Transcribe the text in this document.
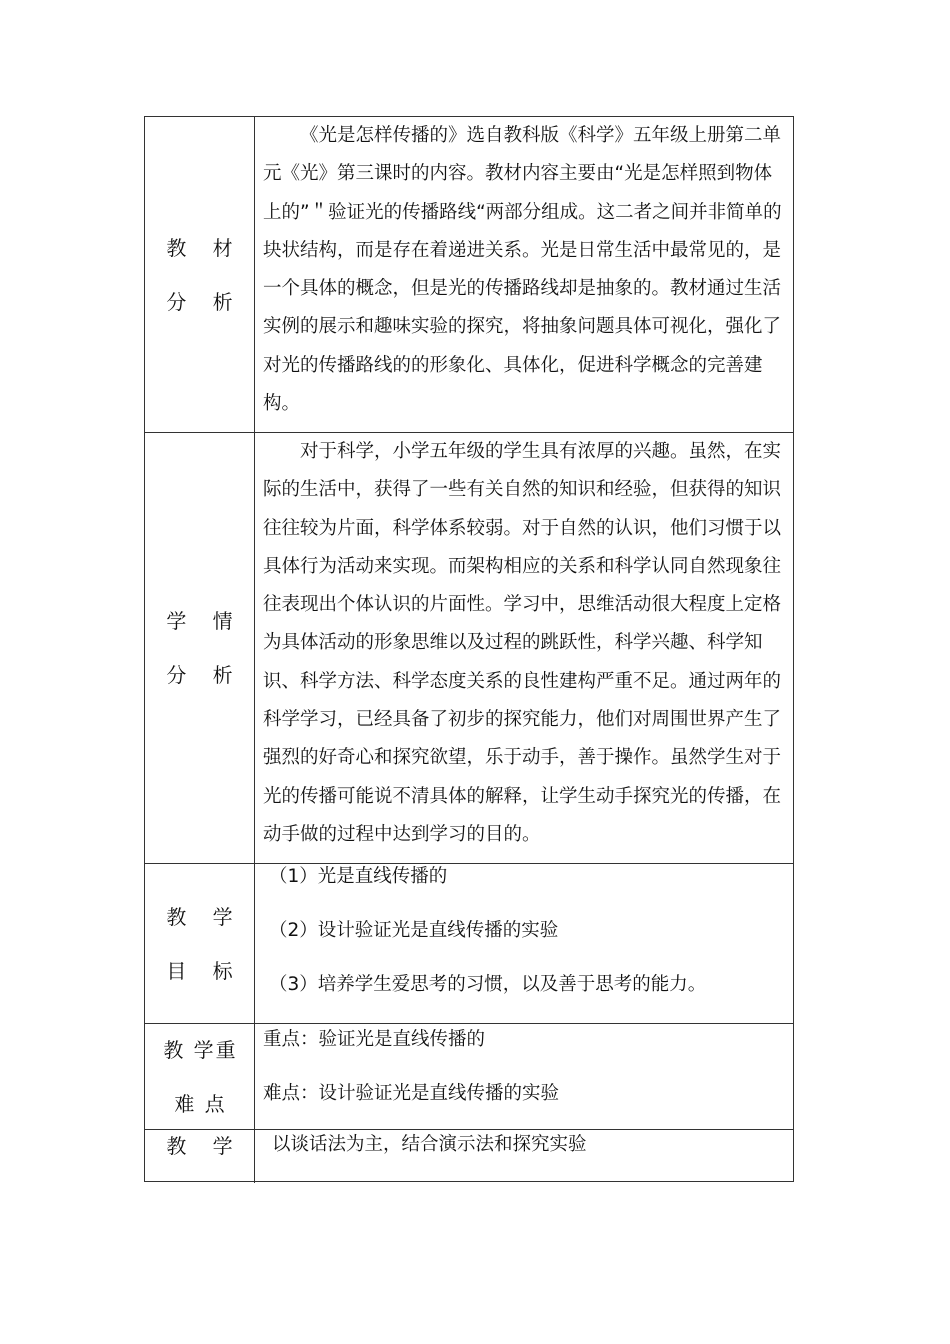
教 材
分 析

《光是怎样传播的》选自教科版《科学》五年级上册第二单元《光》第三课时的内容。教材内容主要由“光是怎样照到物体上的”＂验证光的传播路线“两部分组成。这二者之间并非简单的块状结构，而是存在着递进关系。光是日常生活中最常见的，是一个具体的概念，但是光的传播路线却是抽象的。教材通过生活实例的展示和趣味实验的探究，将抽象问题具体可视化，强化了对光的传播路线的的形象化、具体化，促进科学概念的完善建构。

学 情
分 析

对于科学，小学五年级的学生具有浓厚的兴趣。虽然，在实际的生活中，获得了一些有关自然的知识和经验，但获得的知识往往较为片面，科学体系较弱。对于自然的认识，他们习惯于以具体行为活动来实现。而架构相应的关系和科学认同自然现象往往表现出个体认识的片面性。学习中，思维活动很大程度上定格为具体活动的形象思维以及过程的跳跃性，科学兴趣、科学知识、科学方法、科学态度关系的良性建构严重不足。通过两年的科学学习，已经具备了初步的探究能力，他们对周围世界产生了强烈的好奇心和探究欲望，乐于动手，善于操作。虽然学生对于光的传播可能说不清具体的解释，让学生动手探究光的传播，在动手做的过程中达到学习的目的。

教 学
目 标

（1）光是直线传播的

（2）设计验证光是直线传播的实验

（3）培养学生爱思考的习惯，以及善于思考的能力。

教 学重
难 点

重点：验证光是直线传播的

难点：设计验证光是直线传播的实验

教 学 以谈话法为主，结合演示法和探究实验
